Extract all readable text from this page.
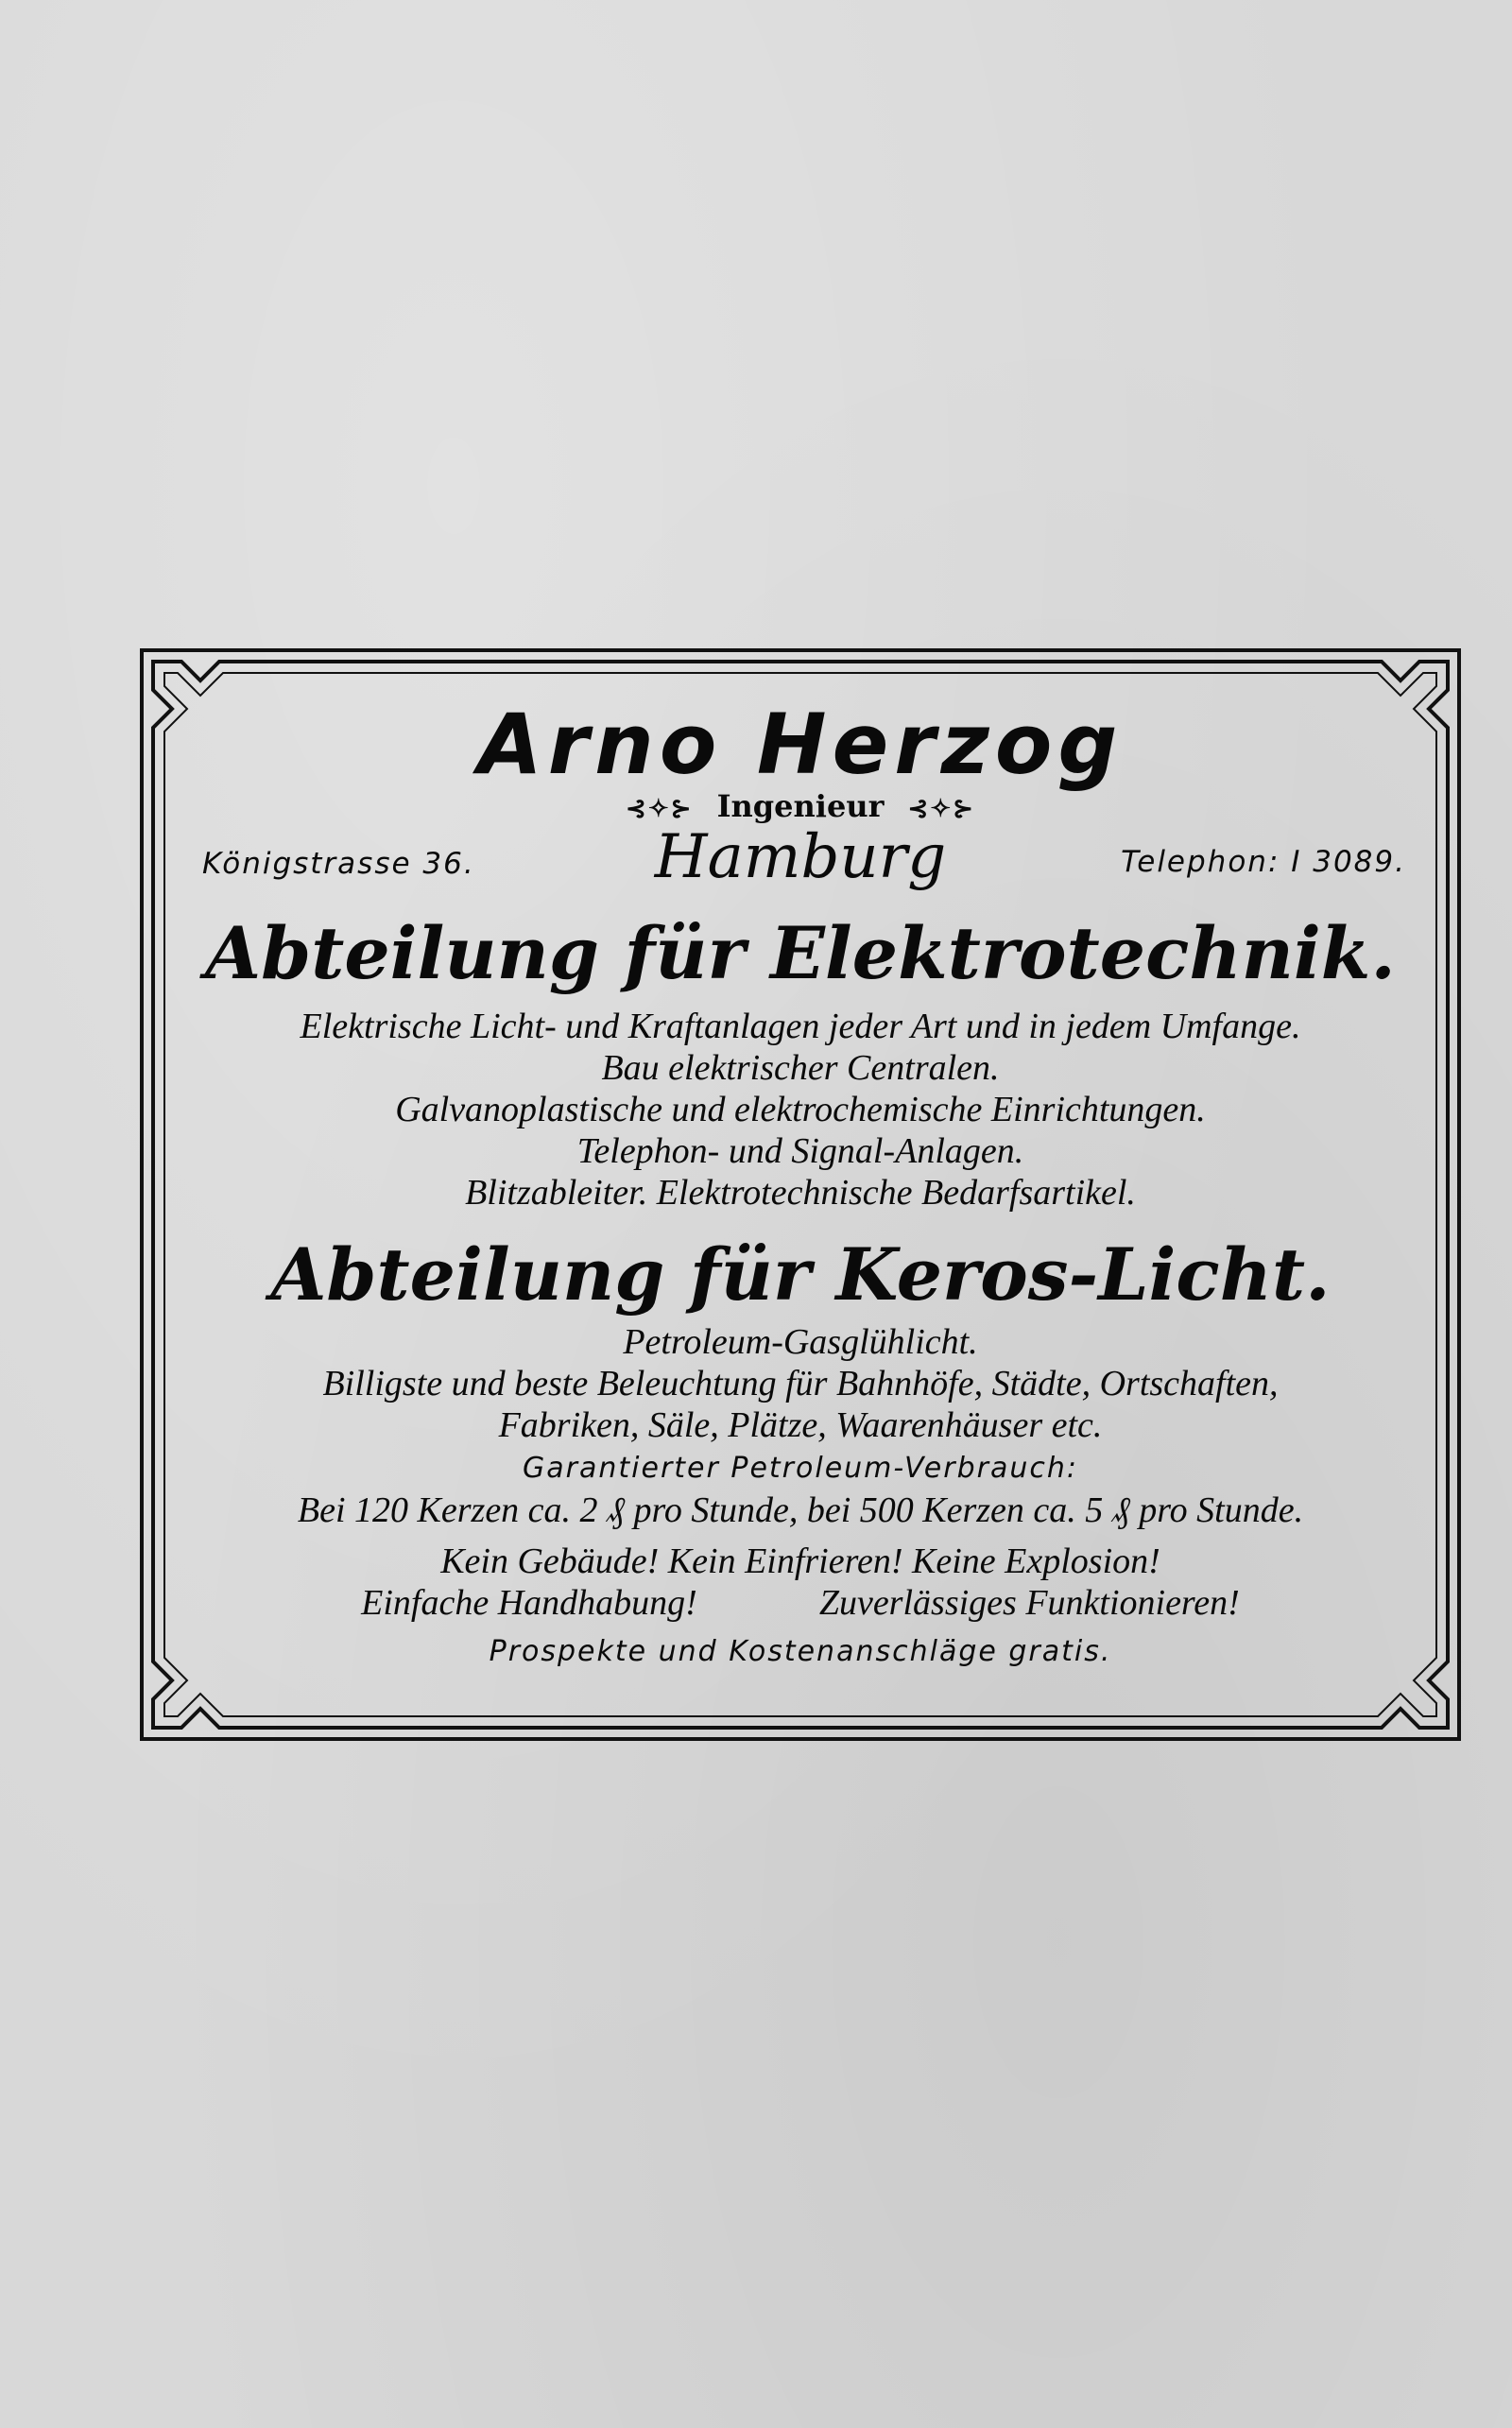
Arno Herzog
⊰✧⊱ Ingenieur ⊰✧⊱
Königstrasse 36.	Hamburg	Telephon: I 3089.
Abteilung für Elektrotechnik.
Elektrische Licht- und Kraftanlagen jeder Art und in jedem Umfange.
Bau elektrischer Centralen.
Galvanoplastische und elektrochemische Einrichtungen.
Telephon- und Signal-Anlagen.
Blitzableiter. Elektrotechnische Bedarfsartikel.
Abteilung für Keros-Licht.
Petroleum-Gasglühlicht.
Billigste und beste Beleuchtung für Bahnhöfe, Städte, Ortschaften,
Fabriken, Säle, Plätze, Waarenhäuser etc.
Garantierter Petroleum-Verbrauch:
Bei 120 Kerzen ca. 2 ₰ pro Stunde, bei 500 Kerzen ca. 5 ₰ pro Stunde.
Kein Gebäude! Kein Einfrieren! Keine Explosion!
Einfache Handhabung!	Zuverlässiges Funktionieren!
Prospekte und Kostenanschläge gratis.
